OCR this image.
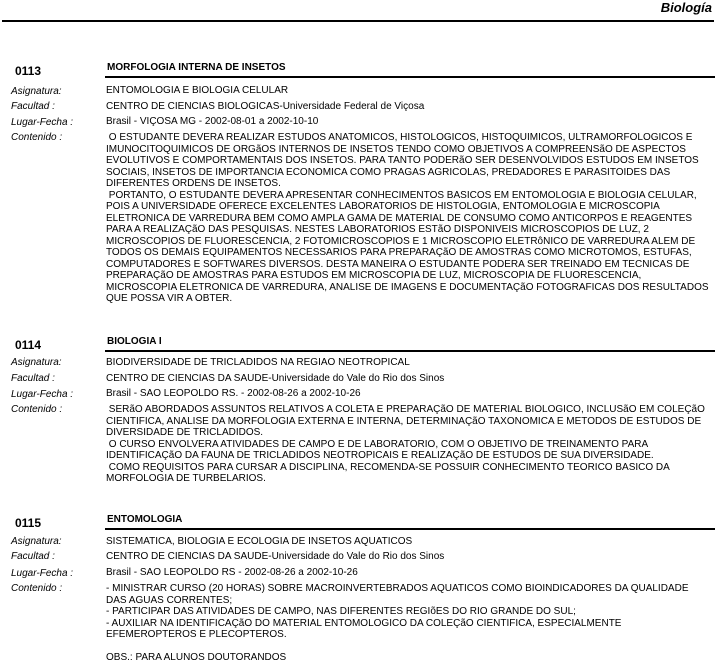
Biología
0113	MORFOLOGIA INTERNA DE INSETOS
Asignatura:	ENTOMOLOGIA E BIOLOGIA CELULAR
Facultad :	CENTRO DE CIENCIAS BIOLOGICAS-Universidade Federal de Viçosa
Lugar-Fecha :	Brasil - VIÇOSA MG - 2002-08-01 a 2002-10-10
Contenido :	O ESTUDANTE DEVERA REALIZAR ESTUDOS ANATOMICOS, HISTOLOGICOS, HISTOQUIMICOS, ULTRAMORFOLOGICOS E IMUNOCITOQUIMICOS DE ORGãOS INTERNOS DE INSETOS TENDO COMO OBJETIVOS A COMPREENSãO DE ASPECTOS EVOLUTIVOS E COMPORTAMENTAIS DOS INSETOS. PARA TANTO PODERãO SER DESENVOLVIDOS ESTUDOS EM INSETOS SOCIAIS, INSETOS DE IMPORTANCIA ECONOMICA COMO PRAGAS AGRICOLAS, PREDADORES E PARASITOIDES DAS DIFERENTES ORDENS DE INSETOS.

PORTANTO, O ESTUDANTE DEVERA APRESENTAR CONHECIMENTOS BASICOS EM ENTOMOLOGIA E BIOLOGIA CELULAR, POIS A UNIVERSIDADE OFERECE EXCELENTES LABORATORIOS DE HISTOLOGIA, ENTOMOLOGIA E MICROSCOPIA ELETRONICA DE VARREDURA BEM COMO AMPLA GAMA DE MATERIAL DE CONSUMO COMO ANTICORPOS E REAGENTES PARA A REALIZAÇãO DAS PESQUISAS. NESTES LABORATORIOS ESTãO DISPONIVEIS MICROSCOPIOS DE LUZ, 2 MICROSCOPIOS DE FLUORESCENCIA, 2 FOTOMICROSCOPIOS E 1 MICROSCOPIO ELETRôNICO DE VARREDURA ALEM DE TODOS OS DEMAIS EQUIPAMENTOS NECESSARIOS PARA PREPARAÇãO DE AMOSTRAS COMO MICROTOMOS, ESTUFAS, COMPUTADORES E SOFTWARES DIVERSOS. DESTA MANEIRA O ESTUDANTE PODERA SER TREINADO EM TECNICAS DE PREPARAÇãO DE AMOSTRAS PARA ESTUDOS EM MICROSCOPIA DE LUZ, MICROSCOPIA DE FLUORESCENCIA, MICROSCOPIA ELETRONICA DE VARREDURA, ANALISE DE IMAGENS E DOCUMENTAÇãO FOTOGRAFICAS DOS RESULTADOS QUE POSSA VIR A OBTER.

0114	BIOLOGIA I
Asignatura:	BIODIVERSIDADE DE TRICLADIDOS NA REGIAO NEOTROPICAL
Facultad :	CENTRO DE CIENCIAS DA SAUDE-Universidade do Vale do Rio dos Sinos
Lugar-Fecha :	Brasil - SAO LEOPOLDO RS. - 2002-08-26 a 2002-10-26
Contenido :	SERãO ABORDADOS ASSUNTOS RELATIVOS A COLETA E PREPARAÇãO DE MATERIAL BIOLOGICO, INCLUSãO EM COLEÇãO CIENTIFICA, ANALISE DA MORFOLOGIA EXTERNA E INTERNA, DETERMINAÇãO TAXONOMICA E METODOS DE ESTUDOS DE DIVERSIDADE DE TRICLADIDOS.

O CURSO ENVOLVERA ATIVIDADES DE CAMPO E DE LABORATORIO, COM O OBJETIVO DE TREINAMENTO PARA IDENTIFICAÇãO DA FAUNA DE TRICLADIDOS NEOTROPICAIS E REALIZAÇãO DE ESTUDOS DE SUA DIVERSIDADE.

COMO REQUISITOS PARA CURSAR A DISCIPLINA, RECOMENDA-SE POSSUIR CONHECIMENTO TEORICO BASICO DA MORFOLOGIA DE TURBELARIOS.

0115	ENTOMOLOGIA
Asignatura:	SISTEMATICA, BIOLOGIA E ECOLOGIA DE INSETOS AQUATICOS
Facultad :	CENTRO DE CIENCIAS DA SAUDE-Universidade do Vale do Rio dos Sinos
Lugar-Fecha :	Brasil - SAO LEOPOLDO RS - 2002-08-26 a 2002-10-26
Contenido :	- MINISTRAR CURSO (20 HORAS) SOBRE MACROINVERTEBRADOS AQUATICOS COMO BIOINDICADORES DA QUALIDADE DAS AGUAS CORRENTES;

- PARTICIPAR DAS ATIVIDADES DE CAMPO, NAS DIFERENTES REGIõES DO RIO GRANDE DO SUL;

- AUXILIAR NA IDENTIFICAÇãO DO MATERIAL ENTOMOLOGICO DA COLEÇãO CIENTIFICA, ESPECIALMENTE EFEMEROPTEROS E PLECOPTEROS.

OBS.: PARA ALUNOS DOUTORANDOS
